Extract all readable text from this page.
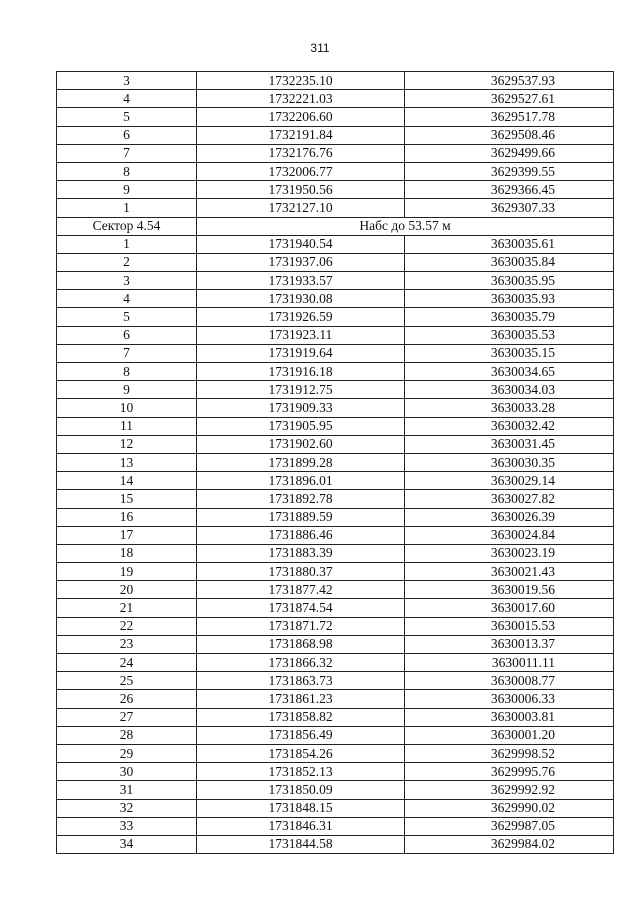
311
3	1732235.10	3629537.93
4	1732221.03	3629527.61
5	1732206.60	3629517.78
6	1732191.84	3629508.46
7	1732176.76	3629499.66
8	1732006.77	3629399.55
9	1731950.56	3629366.45
1	1732127.10	3629307.33
Сектор 4.54	Набс до 53.57 м	
1	1731940.54	3630035.61
2	1731937.06	3630035.84
3	1731933.57	3630035.95
4	1731930.08	3630035.93
5	1731926.59	3630035.79
6	1731923.11	3630035.53
7	1731919.64	3630035.15
8	1731916.18	3630034.65
9	1731912.75	3630034.03
10	1731909.33	3630033.28
11	1731905.95	3630032.42
12	1731902.60	3630031.45
13	1731899.28	3630030.35
14	1731896.01	3630029.14
15	1731892.78	3630027.82
16	1731889.59	3630026.39
17	1731886.46	3630024.84
18	1731883.39	3630023.19
19	1731880.37	3630021.43
20	1731877.42	3630019.56
21	1731874.54	3630017.60
22	1731871.72	3630015.53
23	1731868.98	3630013.37
24	1731866.32	3630011.11
25	1731863.73	3630008.77
26	1731861.23	3630006.33
27	1731858.82	3630003.81
28	1731856.49	3630001.20
29	1731854.26	3629998.52
30	1731852.13	3629995.76
31	1731850.09	3629992.92
32	1731848.15	3629990.02
33	1731846.31	3629987.05
34	1731844.58	3629984.02
